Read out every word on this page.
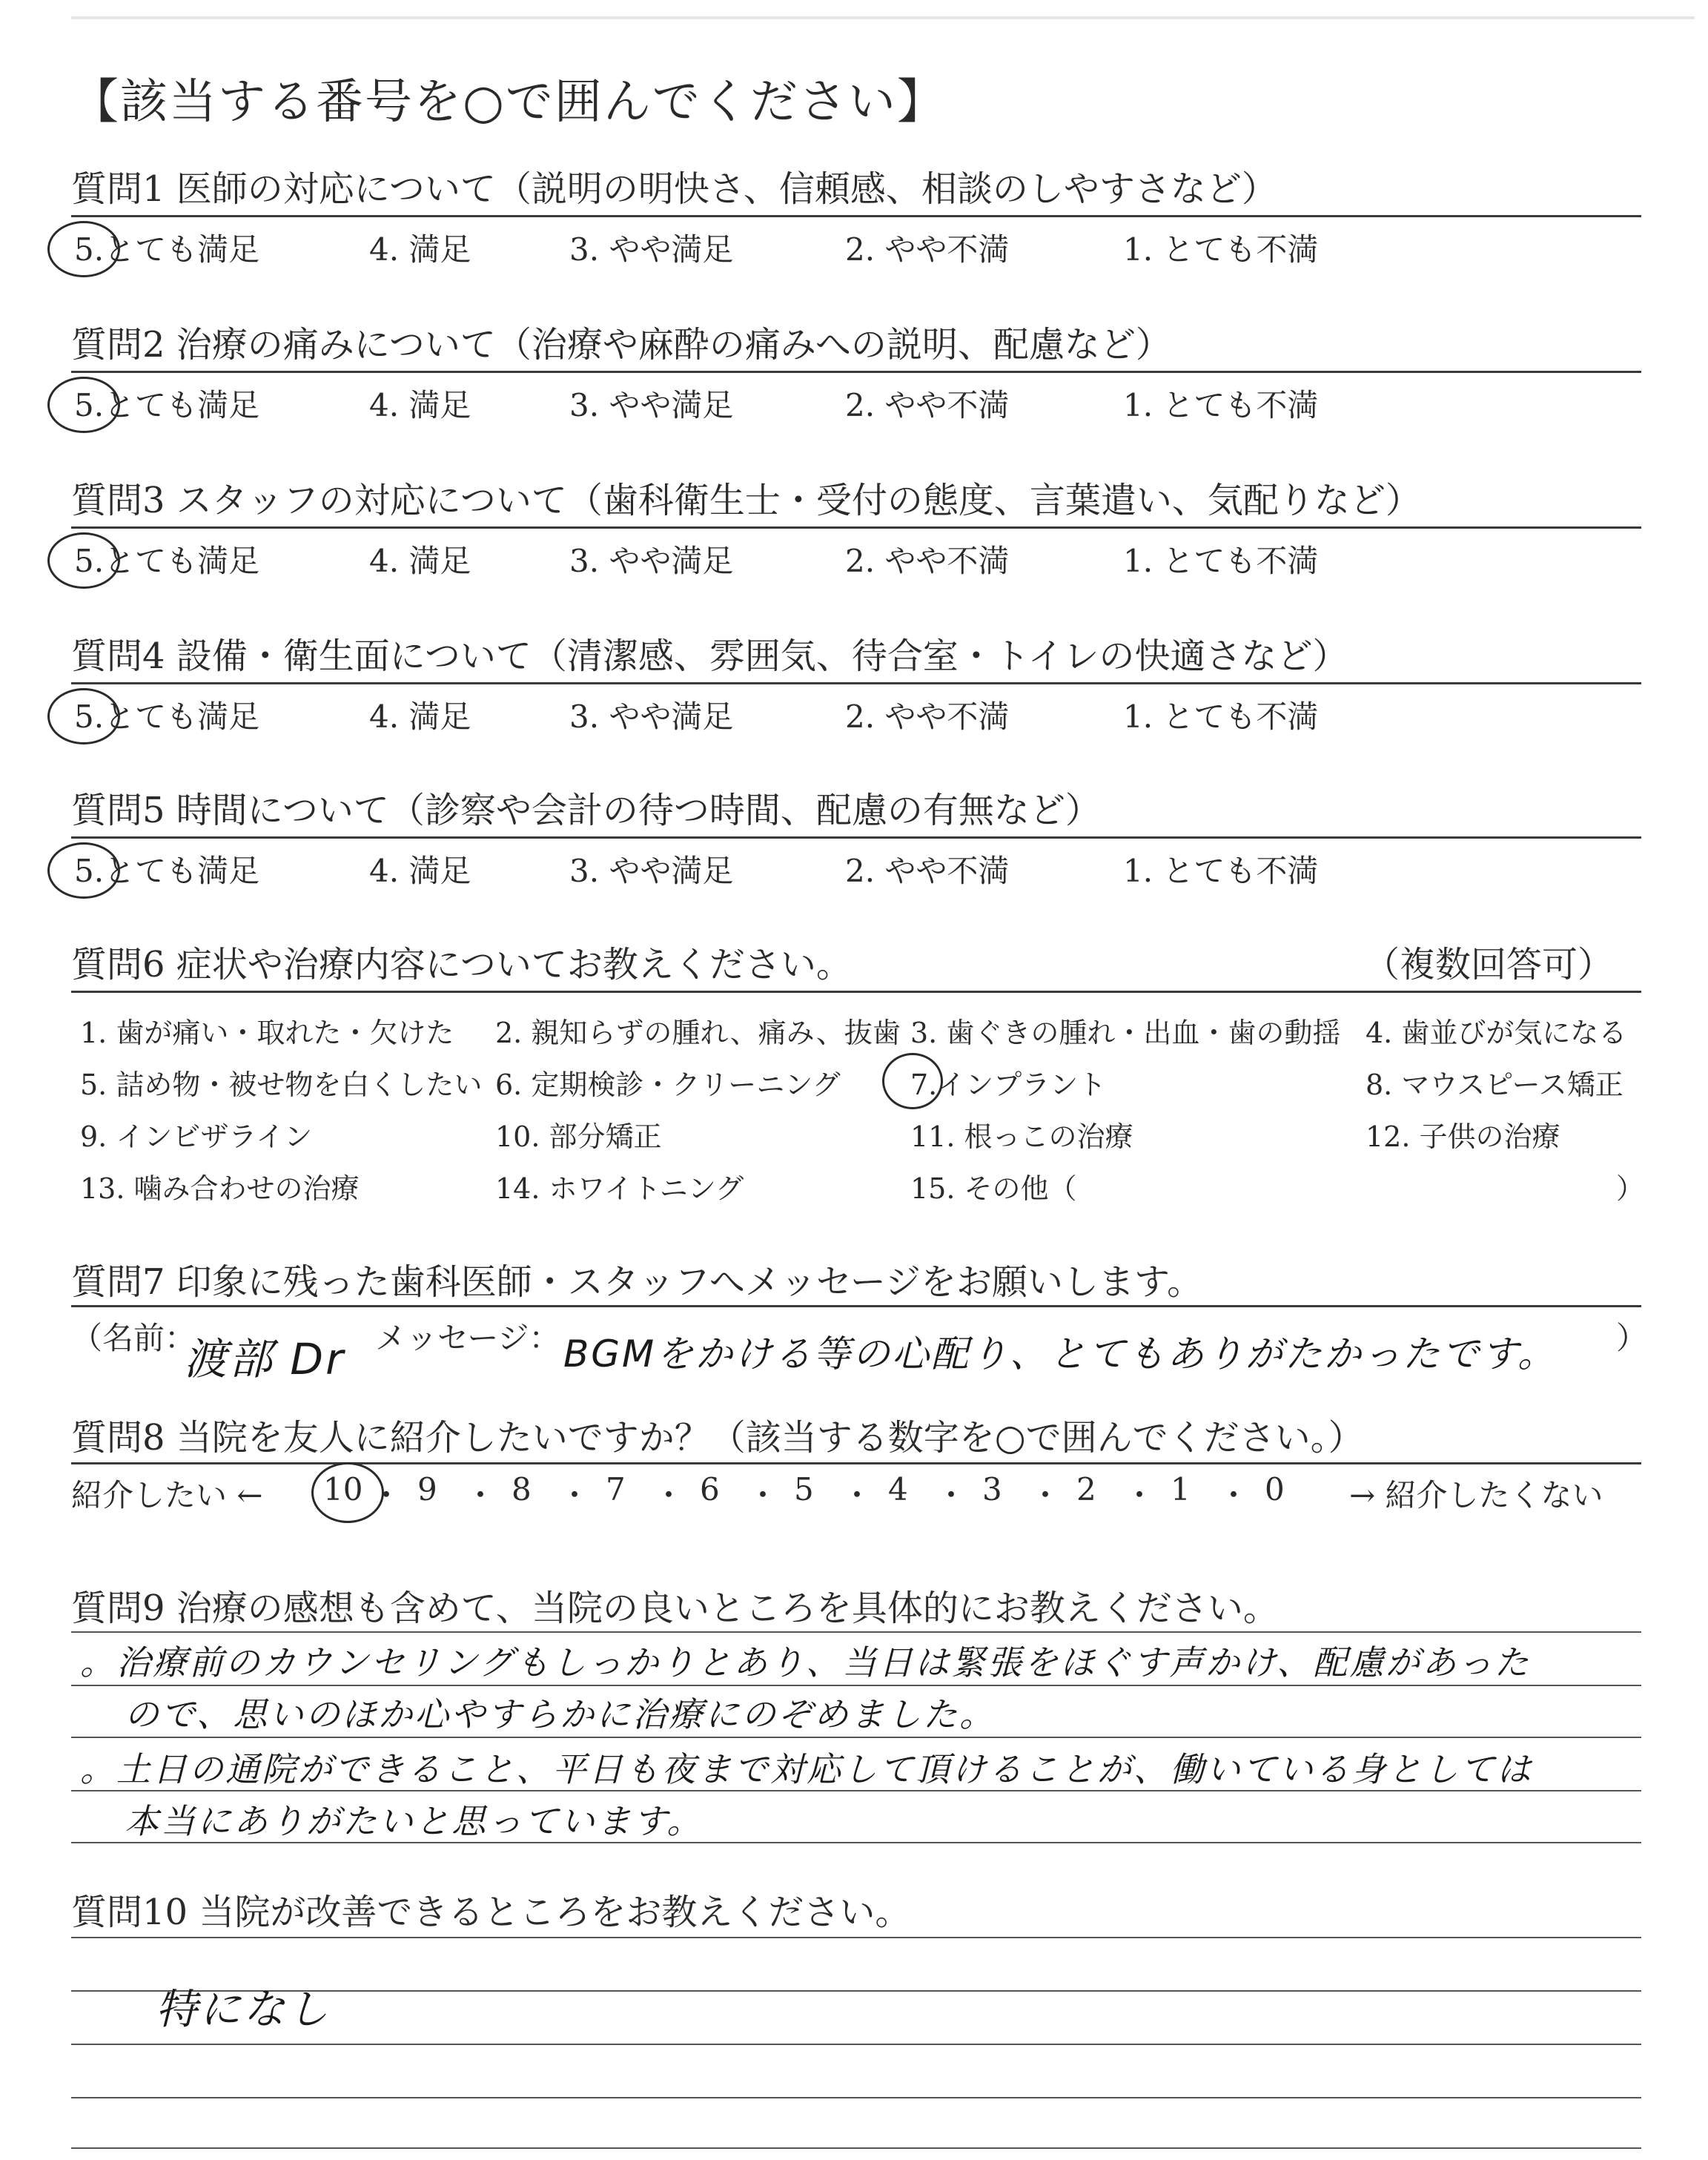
【該当する番号を○で囲んでください】
質問1 医師の対応について（説明の明快さ、信頼感、相談のしやすさなど）
5.とても満足	4. 満足	3. やや満足	2. やや不満	1. とても不満
質問2 治療の痛みについて（治療や麻酔の痛みへの説明、配慮など）
5.とても満足	4. 満足	3. やや満足	2. やや不満	1. とても不満
質問3 スタッフの対応について（歯科衛生士・受付の態度、言葉遣い、気配りなど）
5.とても満足	4. 満足	3. やや満足	2. やや不満	1. とても不満
質問4 設備・衛生面について（清潔感、雰囲気、待合室・トイレの快適さなど）
5.とても満足	4. 満足	3. やや満足	2. やや不満	1. とても不満
質問5 時間について（診察や会計の待つ時間、配慮の有無など）
5.とても満足	4. 満足	3. やや満足	2. やや不満	1. とても不満
質問6 症状や治療内容についてお教えください。	（複数回答可）
1. 歯が痛い・取れた・欠けた 2. 親知らずの腫れ、痛み、抜歯 3. 歯ぐきの腫れ・出血・歯の動揺 4. 歯並びが気になる
5. 詰め物・被せ物を白くしたい 6. 定期検診・クリーニング 7.インプラント	8. マウスピース矯正
9. インビザライン	10. 部分矯正	11. 根っこの治療	12. 子供の治療
13. 噛み合わせの治療	14. ホワイトニング	15. その他（	）
質問7 印象に残った歯科医師・スタッフへメッセージをお願いします。
（名前：
渡部 Dr メッセージ： BGMをかける等の心配り、とてもありがたかったです。 ）
質問8 当院を友人に紹介したいですか？（該当する数字を○で囲んでください。）
紹介したい ← 10 ・ 9 ・ 8 ・ 7 ・ 6 ・ 5 ・ 4 ・ 3 ・ 2 ・ 1 ・ 0 → 紹介したくない
質問9 治療の感想も含めて、当院の良いところを具体的にお教えください。
。治療前のカウンセリングもしっかりとあり、当日は緊張をほぐす声かけ、配慮があった
ので、思いのほか心やすらかに治療にのぞめました。
。土日の通院ができること、平日も夜まで対応して頂けることが、働いている身としては
本当にありがたいと思っています。
質問10 当院が改善できるところをお教えください。
特になし
